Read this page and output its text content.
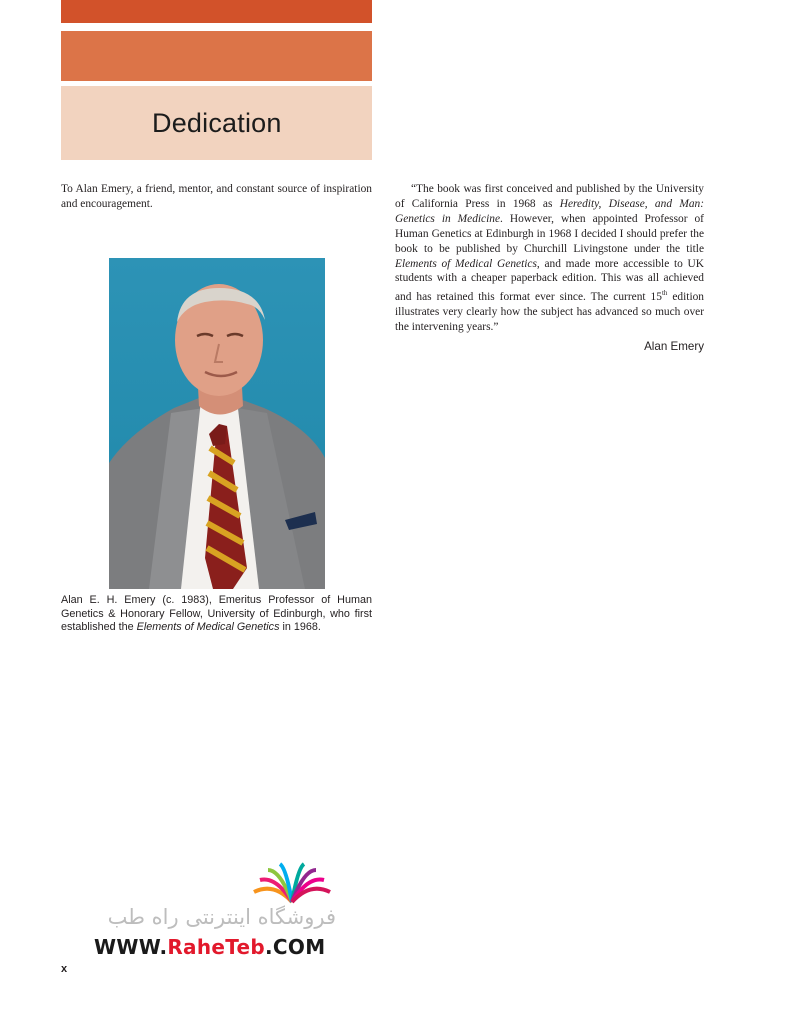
Dedication

To Alan Emery, a friend, mentor, and constant source of inspiration and encouragement.

Alan E. H. Emery (c. 1983), Emeritus Professor of Human Genetics & Honorary Fellow, University of Edinburgh, who first established the Elements of Medical Genetics in 1968.

“The book was first conceived and published by the University of California Press in 1968 as Heredity, Disease, and Man: Genetics in Medicine. However, when appointed Professor of Human Genetics at Edinburgh in 1968 I decided I should prefer the book to be published by Churchill Livingstone under the title Elements of Medical Genetics, and made more accessible to UK students with a cheaper paperback edition. This was all achieved and has retained this format ever since. The current 15th edition illustrates very clearly how the subject has advanced so much over the intervening years.”

Alan Emery
فروشگاه اینترنتی راه طب
WWW.RaheTeb.COM
x
